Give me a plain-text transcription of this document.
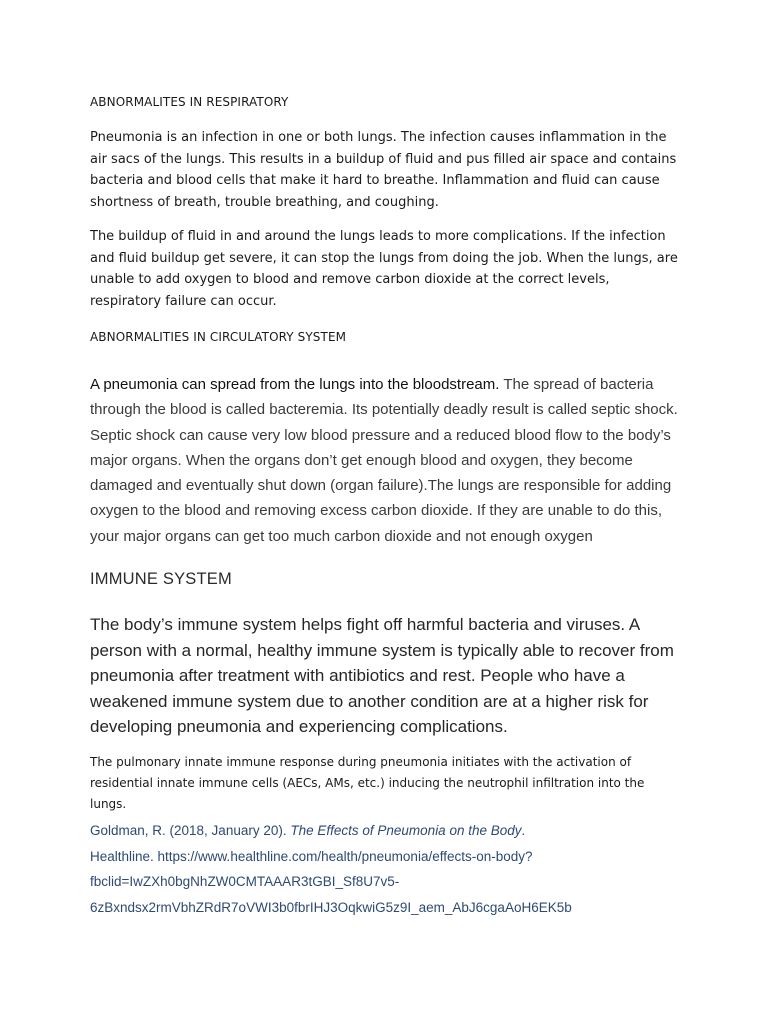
ABNORMALITES IN RESPIRATORY

Pneumonia is an infection in one or both lungs. The infection causes inflammation in the air sacs of the lungs. This results in a buildup of fluid and pus filled air space and contains bacteria and blood cells that make it hard to breathe. Inflammation and fluid can cause shortness of breath, trouble breathing, and coughing.

The buildup of fluid in and around the lungs leads to more complications. If the infection and fluid buildup get severe, it can stop the lungs from doing the job. When the lungs, are unable to add oxygen to blood and remove carbon dioxide at the correct levels, respiratory failure can occur.

ABNORMALITIES IN CIRCULATORY SYSTEM

A pneumonia can spread from the lungs into the bloodstream. The spread of bacteria through the blood is called bacteremia. Its potentially deadly result is called septic shock. Septic shock can cause very low blood pressure and a reduced blood flow to the body’s major organs. When the organs don’t get enough blood and oxygen, they become damaged and eventually shut down (organ failure).The lungs are responsible for adding oxygen to the blood and removing excess carbon dioxide. If they are unable to do this, your major organs can get too much carbon dioxide and not enough oxygen

IMMUNE SYSTEM

The body’s immune system helps fight off harmful bacteria and viruses. A person with a normal, healthy immune system is typically able to recover from pneumonia after treatment with antibiotics and rest. People who have a weakened immune system due to another condition are at a higher risk for developing pneumonia and experiencing complications.

The pulmonary innate immune response during pneumonia initiates with the activation of residential innate immune cells (AECs, AMs, etc.) inducing the neutrophil infiltration into the lungs.

Goldman, R. (2018, January 20). The Effects of Pneumonia on the Body.
Healthline. https://www.healthline.com/health/pneumonia/effects-on-body?
fbclid=IwZXh0bgNhZW0CMTAAAR3tGBI_Sf8U7v5-
6zBxndsx2rmVbhZRdR7oVWI3b0fbrIHJ3OqkwiG5z9I_aem_AbJ6cgaAoH6EK5b
